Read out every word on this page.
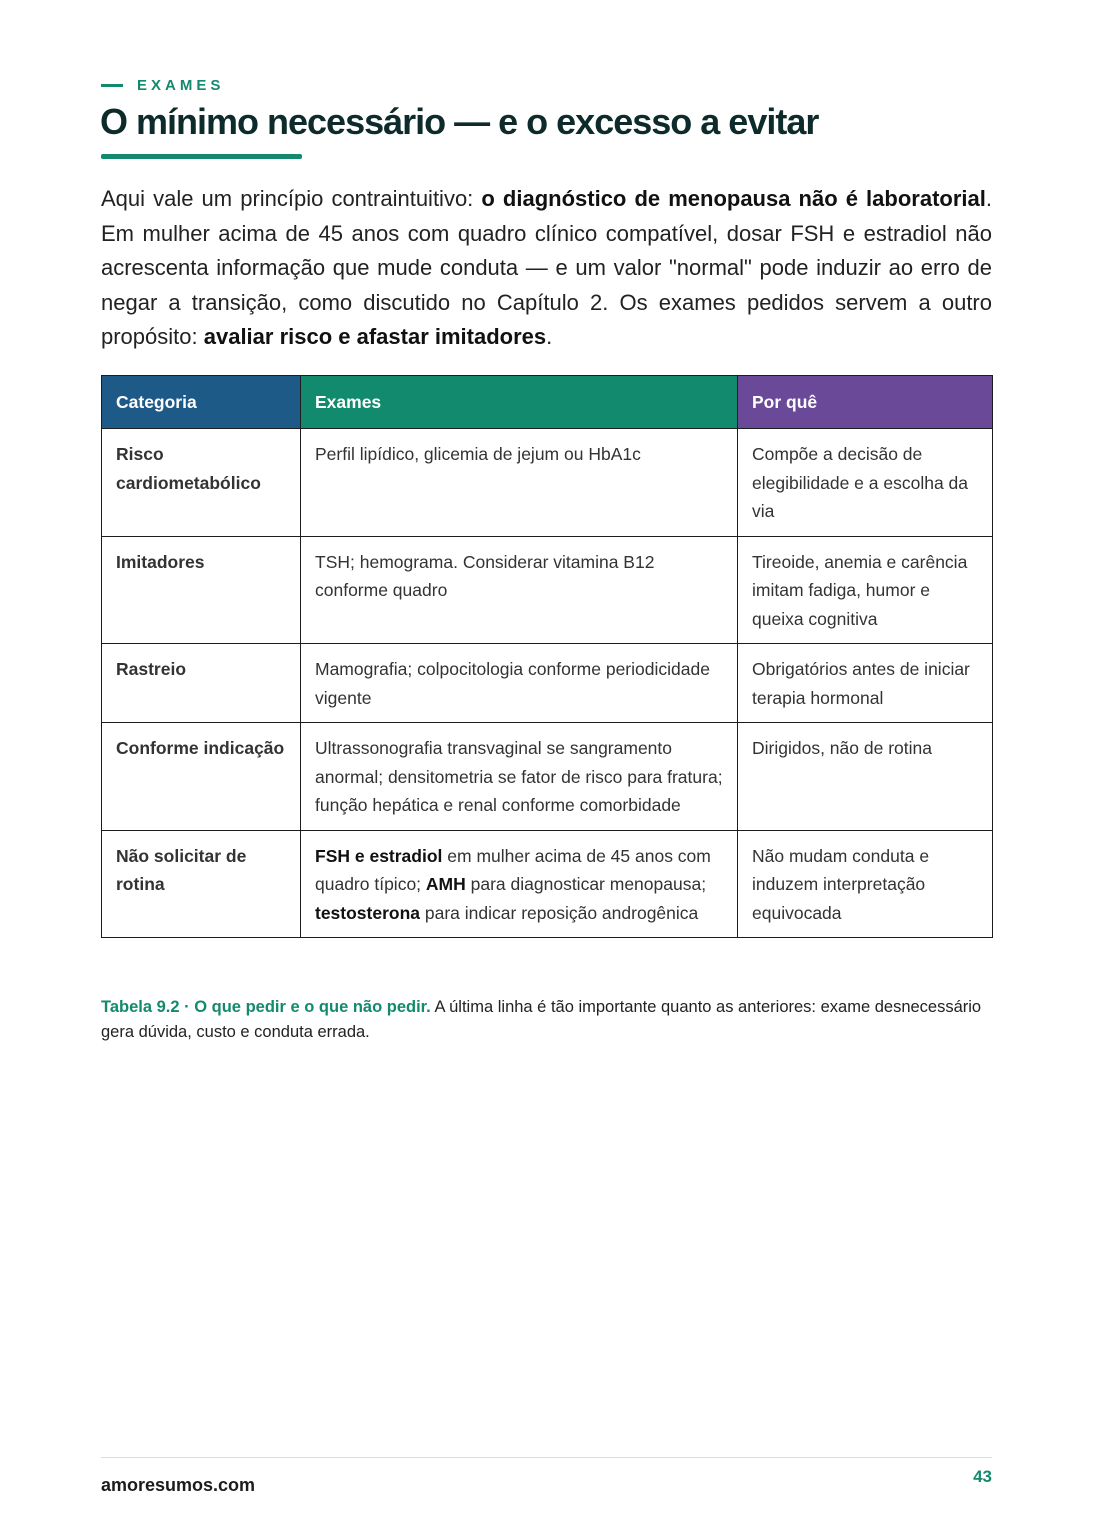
EXAMES
O mínimo necessário — e o excesso a evitar

Aqui vale um princípio contraintuitivo: o diagnóstico de menopausa não é laboratorial. Em mulher acima de 45 anos com quadro clínico compatível, dosar FSH e estradiol não acrescenta informação que mude conduta — e um valor "normal" pode induzir ao erro de negar a transição, como discutido no Capítulo 2. Os exames pedidos servem a outro propósito: avaliar risco e afastar imitadores.

Categoria	Exames	Por quê
Risco cardiometabólico	Perfil lipídico, glicemia de jejum ou HbA1c	Compõe a decisão de elegibilidade e a escolha da via
Imitadores	TSH; hemograma. Considerar vitamina B12 conforme quadro	Tireoide, anemia e carência imitam fadiga, humor e queixa cognitiva
Rastreio	Mamografia; colpocitologia conforme periodicidade vigente	Obrigatórios antes de iniciar terapia hormonal
Conforme indicação	Ultrassonografia transvaginal se sangramento anormal; densitometria se fator de risco para fratura; função hepática e renal conforme comorbidade	Dirigidos, não de rotina
Não solicitar de rotina	FSH e estradiol em mulher acima de 45 anos com quadro típico; AMH para diagnosticar menopausa; testosterona para indicar reposição androgênica	Não mudam conduta e induzem interpretação equivocada

Tabela 9.2 · O que pedir e o que não pedir. A última linha é tão importante quanto as anteriores: exame desnecessário gera dúvida, custo e conduta errada.

amoresumos.com	43
